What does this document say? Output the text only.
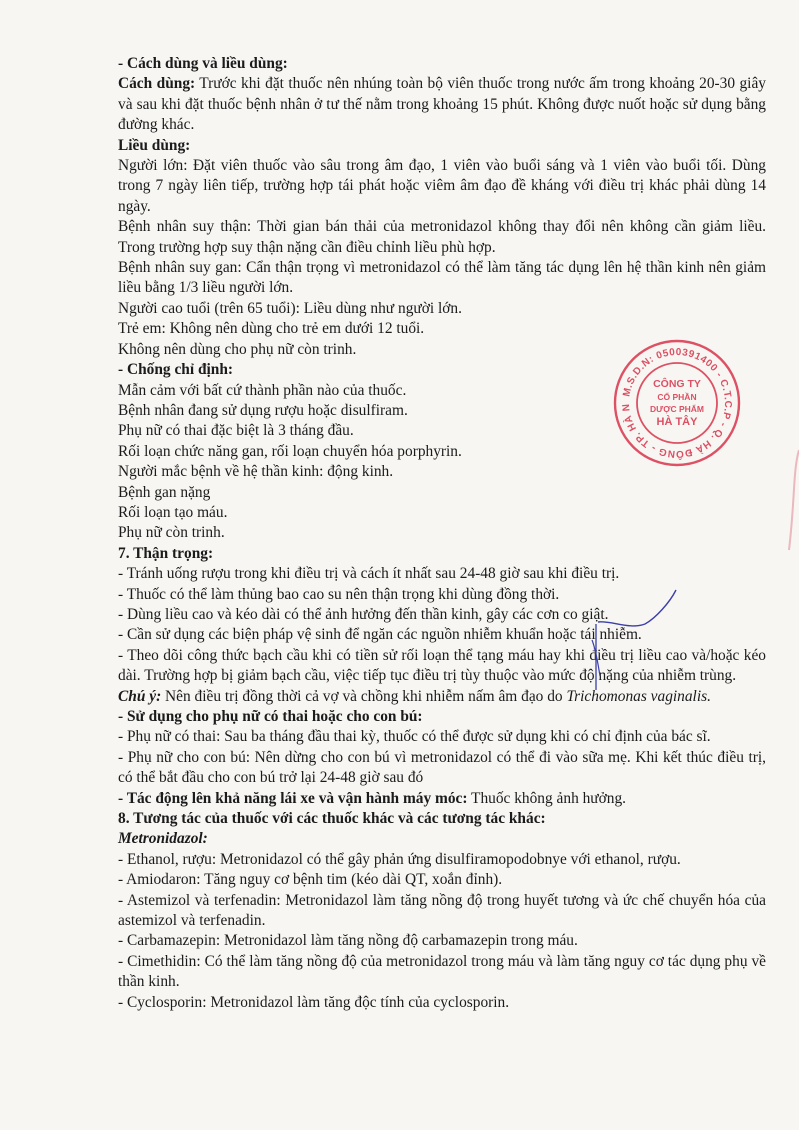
- Cách dùng và liều dùng:

Cách dùng: Trước khi đặt thuốc nên nhúng toàn bộ viên thuốc trong nước ấm trong khoảng 20-30 giây và sau khi đặt thuốc bệnh nhân ở tư thế nằm trong khoảng 15 phút. Không được nuốt hoặc sử dụng bằng đường khác.

Liều dùng:

Người lớn: Đặt viên thuốc vào sâu trong âm đạo, 1 viên vào buổi sáng và 1 viên vào buổi tối. Dùng trong 7 ngày liên tiếp, trường hợp tái phát hoặc viêm âm đạo đề kháng với điều trị khác phải dùng 14 ngày.

Bệnh nhân suy thận: Thời gian bán thải của metronidazol không thay đổi nên không cần giảm liều. Trong trường hợp suy thận nặng cần điều chỉnh liều phù hợp.

Bệnh nhân suy gan: Cẩn thận trọng vì metronidazol có thể làm tăng tác dụng lên hệ thần kinh nên giảm liều bằng 1/3 liều người lớn.

Người cao tuổi (trên 65 tuổi): Liều dùng như người lớn.

Trẻ em: Không nên dùng cho trẻ em dưới 12 tuổi.

Không nên dùng cho phụ nữ còn trinh.

- Chống chỉ định:

Mẫn cảm với bất cứ thành phần nào của thuốc.

Bệnh nhân đang sử dụng rượu hoặc disulfiram.

Phụ nữ có thai đặc biệt là 3 tháng đầu.

Rối loạn chức năng gan, rối loạn chuyển hóa porphyrin.

Người mắc bệnh về hệ thần kinh: động kinh.

Bệnh gan nặng

Rối loạn tạo máu.

Phụ nữ còn trinh.

7. Thận trọng:

- Tránh uống rượu trong khi điều trị và cách ít nhất sau 24-48 giờ sau khi điều trị.

- Thuốc có thể làm thủng bao cao su nên thận trọng khi dùng đồng thời.

- Dùng liều cao và kéo dài có thể ảnh hưởng đến thần kinh, gây các cơn co giật.

- Cần sử dụng các biện pháp vệ sinh để ngăn các nguồn nhiễm khuẩn hoặc tái nhiễm.

- Theo dõi công thức bạch cầu khi có tiền sử rối loạn thể tạng máu hay khi điều trị liều cao và/hoặc kéo dài. Trường hợp bị giảm bạch cầu, việc tiếp tục điều trị tùy thuộc vào mức độ nặng của nhiễm trùng.

Chú ý: Nên điều trị đồng thời cả vợ và chồng khi nhiễm nấm âm đạo do Trichomonas vaginalis.

- Sử dụng cho phụ nữ có thai hoặc cho con bú:

- Phụ nữ có thai: Sau ba tháng đầu thai kỳ, thuốc có thể được sử dụng khi có chỉ định của bác sĩ.

- Phụ nữ cho con bú: Nên dừng cho con bú vì metronidazol có thể đi vào sữa mẹ. Khi kết thúc điều trị, có thể bắt đầu cho con bú trở lại 24-48 giờ sau đó

- Tác động lên khả năng lái xe và vận hành máy móc: Thuốc không ảnh hưởng.

8. Tương tác của thuốc với các thuốc khác và các tương tác khác:

Metronidazol:

- Ethanol, rượu: Metronidazol có thể gây phản ứng disulfiramopodobnye với ethanol, rượu.

- Amiodaron: Tăng nguy cơ bệnh tim (kéo dài QT, xoắn đỉnh).

- Astemizol và terfenadin: Metronidazol làm tăng nồng độ trong huyết tương và ức chế chuyển hóa của astemizol và terfenadin.

- Carbamazepin: Metronidazol làm tăng nồng độ carbamazepin trong máu.

- Cimethidin: Có thể làm tăng nồng độ của metronidazol trong máu và làm tăng nguy cơ tác dụng phụ về thần kinh.

- Cyclosporin: Metronidazol làm tăng độc tính của cyclosporin.

M.S.D.N: 0500391400 - C.T.C.P - Q. HÀ ĐÔNG - TP. HÀ N
CÔNG TY
CỔ PHẦN
DƯỢC PHẨM
HÀ TÂY
